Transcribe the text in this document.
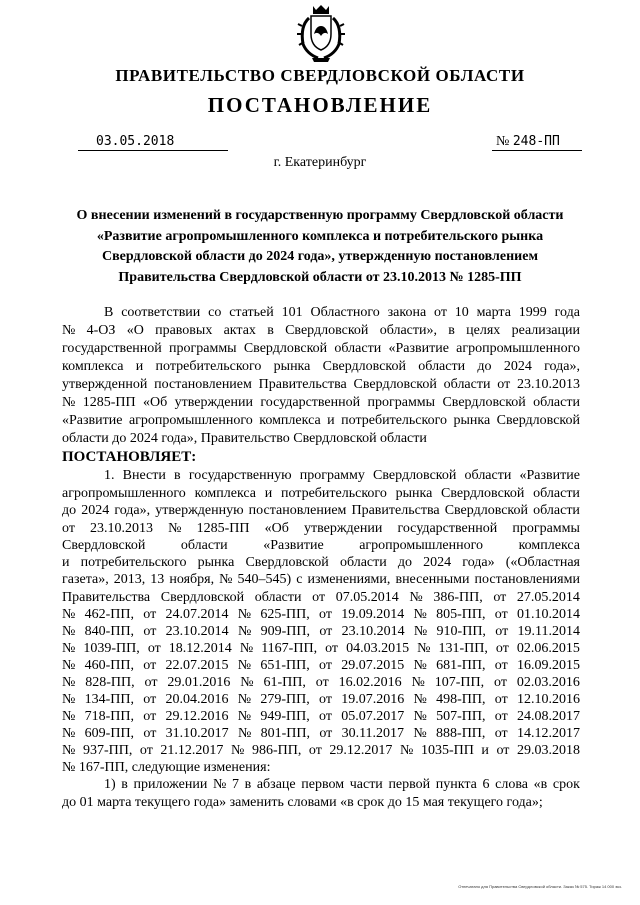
ПРАВИТЕЛЬСТВО СВЕРДЛОВСКОЙ ОБЛАСТИ
ПОСТАНОВЛЕНИЕ
03.05.2018	№ 248-ПП
г. Екатеринбург
О внесении изменений в государственную программу Свердловской области «Развитие агропромышленного комплекса и потребительского рынка Свердловской области до 2024 года», утвержденную постановлением Правительства Свердловской области от 23.10.2013 № 1285-ПП
В соответствии со статьей 101 Областного закона от 10 марта 1999 года
№ 4-ОЗ «О правовых актах в Свердловской области», в целях реализации
государственной программы Свердловской области «Развитие агропромышленного
комплекса и потребительского рынка Свердловской области до 2024 года»,
утвержденной постановлением Правительства Свердловской области от 23.10.2013
№ 1285-ПП «Об утверждении государственной программы Свердловской области
«Развитие агропромышленного комплекса и потребительского рынка Свердловской
области до 2024 года», Правительство Свердловской области
ПОСТАНОВЛЯЕТ:
1. Внести в государственную программу Свердловской области «Развитие
агропромышленного комплекса и потребительского рынка Свердловской области
до 2024 года», утвержденную постановлением Правительства Свердловской области
от 23.10.2013 № 1285-ПП «Об утверждении государственной программы
Свердловской	области	«Развитие	агропромышленного	комплекса
и потребительского рынка Свердловской области до 2024 года» («Областная
газета», 2013, 13 ноября, № 540–545) с изменениями, внесенными постановлениями
Правительства Свердловской области от 07.05.2014 № 386-ПП, от 27.05.2014
№ 462-ПП, от 24.07.2014 № 625-ПП, от 19.09.2014 № 805-ПП, от 01.10.2014
№ 840-ПП, от 23.10.2014 № 909-ПП, от 23.10.2014 № 910-ПП, от 19.11.2014
№ 1039-ПП, от 18.12.2014 № 1167-ПП, от 04.03.2015 № 131-ПП, от 02.06.2015
№ 460-ПП, от 22.07.2015 № 651-ПП, от 29.07.2015 № 681-ПП, от 16.09.2015
№ 828-ПП, от 29.01.2016 № 61-ПП, от 16.02.2016 № 107-ПП, от 02.03.2016
№ 134-ПП, от 20.04.2016 № 279-ПП, от 19.07.2016 № 498-ПП, от 12.10.2016
№ 718-ПП, от 29.12.2016 № 949-ПП, от 05.07.2017 № 507-ПП, от 24.08.2017
№ 609-ПП, от 31.10.2017 № 801-ПП, от 30.11.2017 № 888-ПП, от 14.12.2017
№ 937-ПП, от 21.12.2017 № 986-ПП, от 29.12.2017 № 1035-ПП и от 29.03.2018
№ 167-ПП, следующие изменения:
1) в приложении № 7 в абзаце первом части первой пункта 6 слова «в срок
до 01 марта текущего года» заменить словами «в срок до 15 мая текущего года»;
Отпечатано для Правительства Свердловской области. Заказ № 575. Тираж 14 000 экз.
